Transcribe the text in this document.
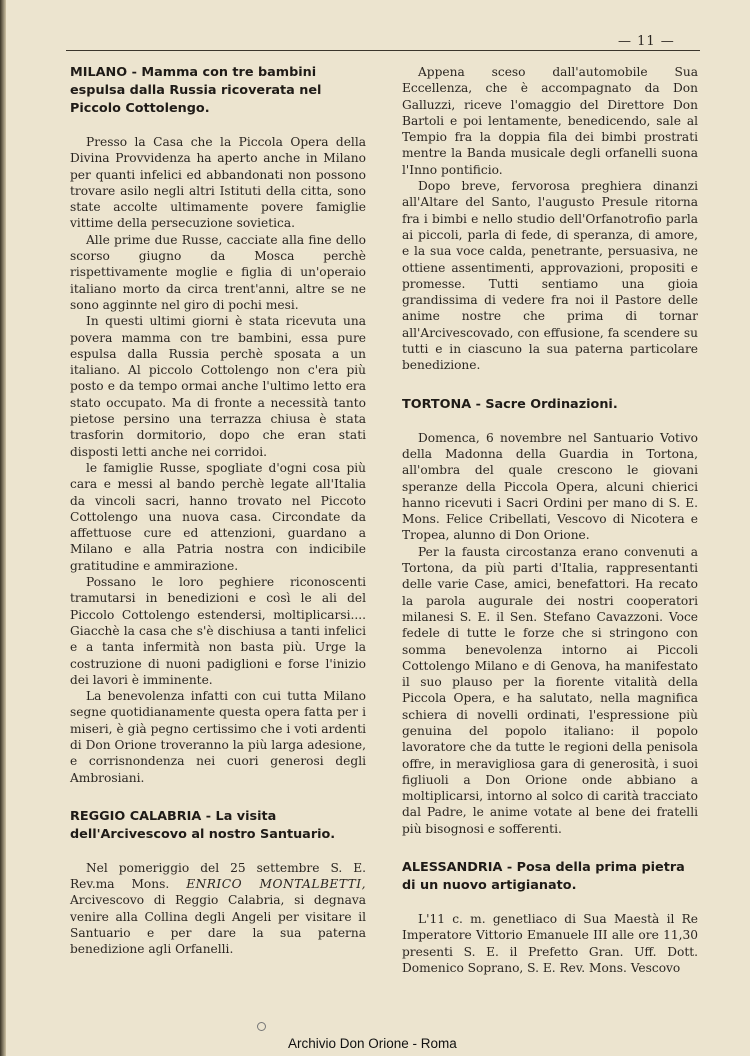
— 11 —
MILANO - Mamma con tre bambini espulsa dalla Russia ricoverata nel Piccolo Cottolengo.

Presso la Casa che la Piccola Opera della Divina Provvidenza ha aperto anche in Milano per quanti infelici ed abbandonati non possono trovare asilo negli altri Istituti della citta, sono state accolte ultimamente povere famiglie vittime della persecuzione sovietica.

Alle prime due Russe, cacciate alla fine dello scorso giugno da Mosca perchè rispettivamente moglie e figlia di un'operaio italiano morto da circa trent'anni, altre se ne sono agginnte nel giro di pochi mesi.

In questi ultimi giorni è stata ricevuta una povera mamma con tre bambini, essa pure espulsa dalla Russia perchè sposata a un italiano. Al piccolo Cottolengo non c'era più posto e da tempo ormai anche l'ultimo letto era stato occupato. Ma di fronte a necessità tanto pietose persino una terrazza chiusa è stata trasforin dormitorio, dopo che eran stati disposti letti anche nei corridoi.

le famiglie Russe, spogliate d'ogni cosa più cara e messi al bando perchè legate all'Italia da vincoli sacri, hanno trovato nel Piccoto Cottolengo una nuova casa. Circondate da affettuose cure ed attenzioni, guardano a Milano e alla Patria nostra con indicibile gratitudine e ammirazione.

Possano le loro peghiere riconoscenti tramutarsi in benedizioni e così le ali del Piccolo Cottolengo estendersi, moltiplicarsi.... Giacchè la casa che s'è dischiusa a tanti infelici e a tanta infermità non basta più. Urge la costruzione di nuoni padiglioni e forse l'inizio dei lavori è imminente.

La benevolenza infatti con cui tutta Milano segne quotidianamente questa opera fatta per i miseri, è già pegno certissimo che i voti ardenti di Don Orione troveranno la più larga adesione, e corrisnondenza nei cuori generosi degli Ambrosiani.

REGGIO CALABRIA - La visita dell'Arcivescovo al nostro Santuario.

Nel pomeriggio del 25 settembre S. E. Rev.ma Mons. ENRICO MONTALBETTI, Arcivescovo di Reggio Calabria, si degnava venire alla Collina degli Angeli per visitare il Santuario e per dare la sua paterna benedizione agli Orfanelli.

Appena sceso dall'automobile Sua Eccellenza, che è accompagnato da Don Galluzzi, riceve l'omaggio del Direttore Don Bartoli e poi lentamente, benedicendo, sale al Tempio fra la doppia fila dei bimbi prostrati mentre la Banda musicale degli orfanelli suona l'Inno pontificio.

Dopo breve, fervorosa preghiera dinanzi all'Altare del Santo, l'augusto Presule ritorna fra i bimbi e nello studio dell'Orfanotrofio parla ai piccoli, parla di fede, di speranza, di amore, e la sua voce calda, penetrante, persuasiva, ne ottiene assentimenti, approvazioni, propositi e promesse. Tutti sentiamo una gioia grandissima di vedere fra noi il Pastore delle anime nostre che prima di tornar all'Arcivescovado, con effusione, fa scendere su tutti e in ciascuno la sua paterna particolare benedizione.

TORTONA - Sacre Ordinazioni.

Domenca, 6 novembre nel Santuario Votivo della Madonna della Guardia in Tortona, all'ombra del quale crescono le giovani speranze della Piccola Opera, alcuni chierici hanno ricevuti i Sacri Ordini per mano di S. E. Mons. Felice Cribellati, Vescovo di Nicotera e Tropea, alunno di Don Orione.

Per la fausta circostanza erano convenuti a Tortona, da più parti d'Italia, rappresentanti delle varie Case, amici, benefattori. Ha recato la parola augurale dei nostri cooperatori milanesi S. E. il Sen. Stefano Cavazzoni. Voce fedele di tutte le forze che si stringono con somma benevolenza intorno ai Piccoli Cottolengo Milano e di Genova, ha manifestato il suo plauso per la fiorente vitalità della Piccola Opera, e ha salutato, nella magnifica schiera di novelli ordinati, l'espressione più genuina del popolo italiano: il popolo lavoratore che da tutte le regioni della penisola offre, in meravigliosa gara di generosità, i suoi figliuoli a Don Orione onde abbiano a moltiplicarsi, intorno al solco di carità tracciato dal Padre, le anime votate al bene dei fratelli più bisognosi e sofferenti.

ALESSANDRIA - Posa della prima pietra di un nuovo artigianato.

L'11 c. m. genetliaco di Sua Maestà il Re Imperatore Vittorio Emanuele III alle ore 11,30 presenti S. E. il Prefetto Gran. Uff. Dott. Domenico Soprano, S. E. Rev. Mons. Vescovo

Archivio Don Orione - Roma
